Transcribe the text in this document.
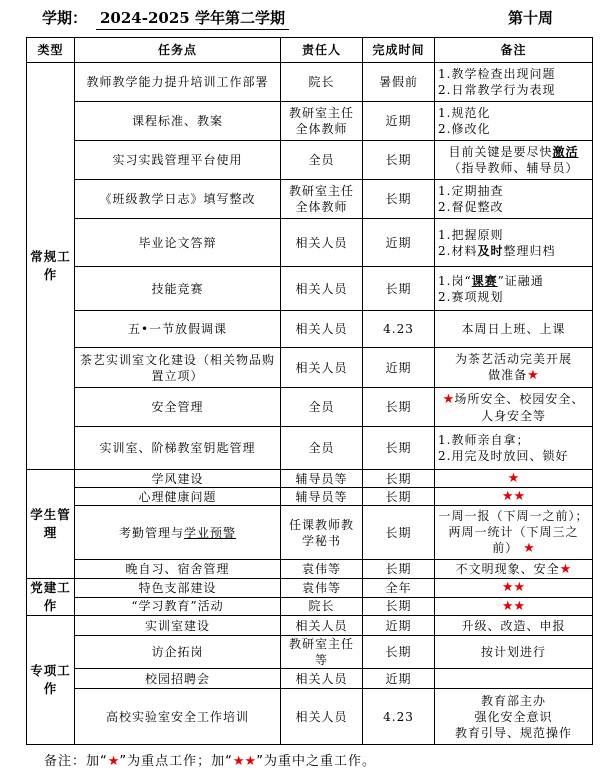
学期： 2024-2025 学年第二学期	第十周
类型	任务点	责任人	完成时间	备注
常规工作	教师教学能力提升培训工作部署	院长	暑假前	1.教学检查出现问题
2.日常教学行为表现

	课程标准、教案	教研室主任全体教师	近期	1.规范化
2.修改化

	实习实践管理平台使用	全员	长期	目前关键是要尽快激活
（指导教师、辅导员）

	《班级教学日志》填写整改	教研室主任全体教师	长期	1.定期抽查
2.督促整改

	毕业论文答辩	相关人员	近期	1.把握原则
2.材料及时整理归档

	技能竞赛	相关人员	长期	1.岗“课赛”证融通
2.赛项规划

	五•一节放假调课	相关人员	4.23	本周日上班、上课
	茶艺实训室文化建设（相关物品购置立项）	相关人员	近期	为茶艺活动完美开展
做准备★

	安全管理	全员	长期	★场所安全、校园安全、
人身安全等

	实训室、阶梯教室钥匙管理	全员	长期	1.教师亲自拿；
2.用完及时放回、锁好

学生管理	学风建设	辅导员等	长期	★
	心理健康问题	辅导员等	长期	★★
	考勤管理与学业预警	任课教师教学秘书	长期	一周一报（下周一之前）；
两周一统计（下周三之
前） ★

	晚自习、宿舍管理	袁伟等	长期	不文明现象、安全★
党建工作	特色支部建设	袁伟等	全年	★★
	“学习教育”活动	院长	长期	★★
专项工作	实训室建设	相关人员	近期	升级、改造、申报
	访企拓岗	教研室主任等	长期	按计划进行
	校园招聘会	相关人员	近期	
	高校实验室安全工作培训	相关人员	4.23	教育部主办
强化安全意识
教育引导、规范操作
备注：加“★”为重点工作；加“★★”为重中之重工作。
